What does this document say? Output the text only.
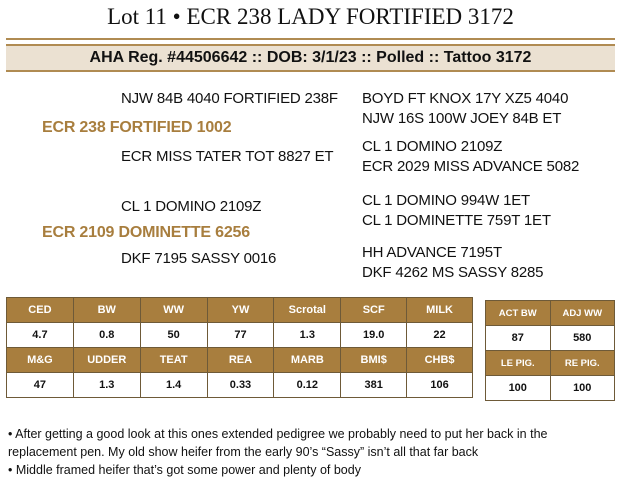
Lot 11 • ECR 238 LADY FORTIFIED 3172
AHA Reg. #44506642 :: DOB: 3/1/23 :: Polled :: Tattoo 3172
NJW 84B 4040 FORTIFIED 238F
ECR 238 FORTIFIED 1002
ECR MISS TATER TOT 8827 ET
BOYD FT KNOX 17Y XZ5 4040
NJW 16S 100W JOEY 84B ET
CL 1 DOMINO 2109Z
ECR 2029 MISS ADVANCE 5082
CL 1 DOMINO 2109Z
ECR 2109 DOMINETTE 6256
DKF 7195 SASSY 0016
CL 1 DOMINO 994W 1ET
CL 1 DOMINETTE 759T 1ET
HH ADVANCE 7195T
DKF 4262 MS SASSY 8285
CED	BW	WW	YW	Scrotal	SCF	MILK
4.7	0.8	50	77	1.3	19.0	22
M&G	UDDER	TEAT	REA	MARB	BMI$	CHB$
47	1.3	1.4	0.33	0.12	381	106
ACT BW	ADJ WW
87	580
LE PIG.	RE PIG.
100	100

• After getting a good look at this ones extended pedigree we probably need to put her back in the replacement pen. My old show heifer from the early 90’s “Sassy” isn’t all that far back

• Middle framed heifer that’s got some power and plenty of body
